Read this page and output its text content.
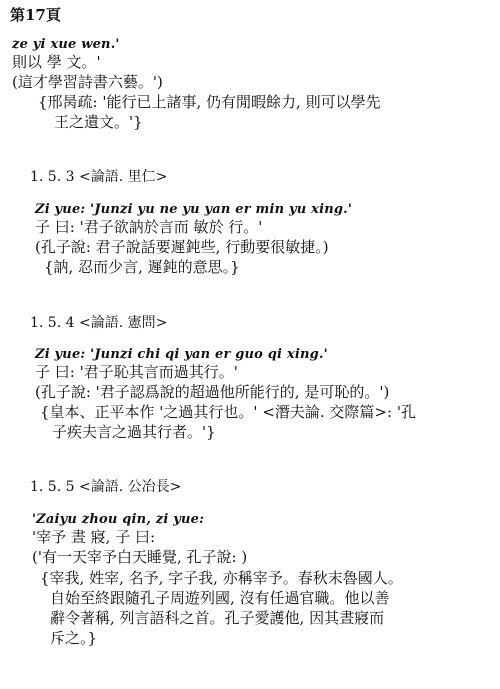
第17頁
ze yi xue wen.'
則以 學 文。'
(這才學習詩書六藝。')
{邢昺疏: '能行已上諸事, 仍有閒暇餘力, 則可以學先
王之遺文。'}
1. 5. 3 <論語. 里仁>
Zi yue: 'Junzi yu ne yu yan er min yu xing.'
子 曰: '君子欲訥於言而 敏於 行。'
(孔子說: 君子說話要遲鈍些, 行動要很敏捷。)
{訥, 忍而少言, 遲鈍的意思。}
1. 5. 4 <論語. 憲問>
Zi yue: 'Junzi chi qi yan er guo qi xing.'
子 曰: '君子恥其言而過其行。'
(孔子說: '君子認爲說的超過他所能行的, 是可恥的。')
{皇本、正平本作 '之過其行也。' <潛夫論. 交際篇>: '孔
子疾夫言之過其行者。'}
1. 5. 5 <論語. 公冶長>
'Zaiyu zhou qin, zi yue:
'宰予 晝 寢, 子 曰:
('有一天宰予白天睡覺, 孔子說: )
{宰我, 姓宰, 名予, 字子我, 亦稱宰予。春秋末魯國人。
自始至終跟隨孔子周遊列國, 沒有任過官職。他以善
辭令著稱, 列言語科之首。孔子愛護他, 因其晝寢而
斥之。}
